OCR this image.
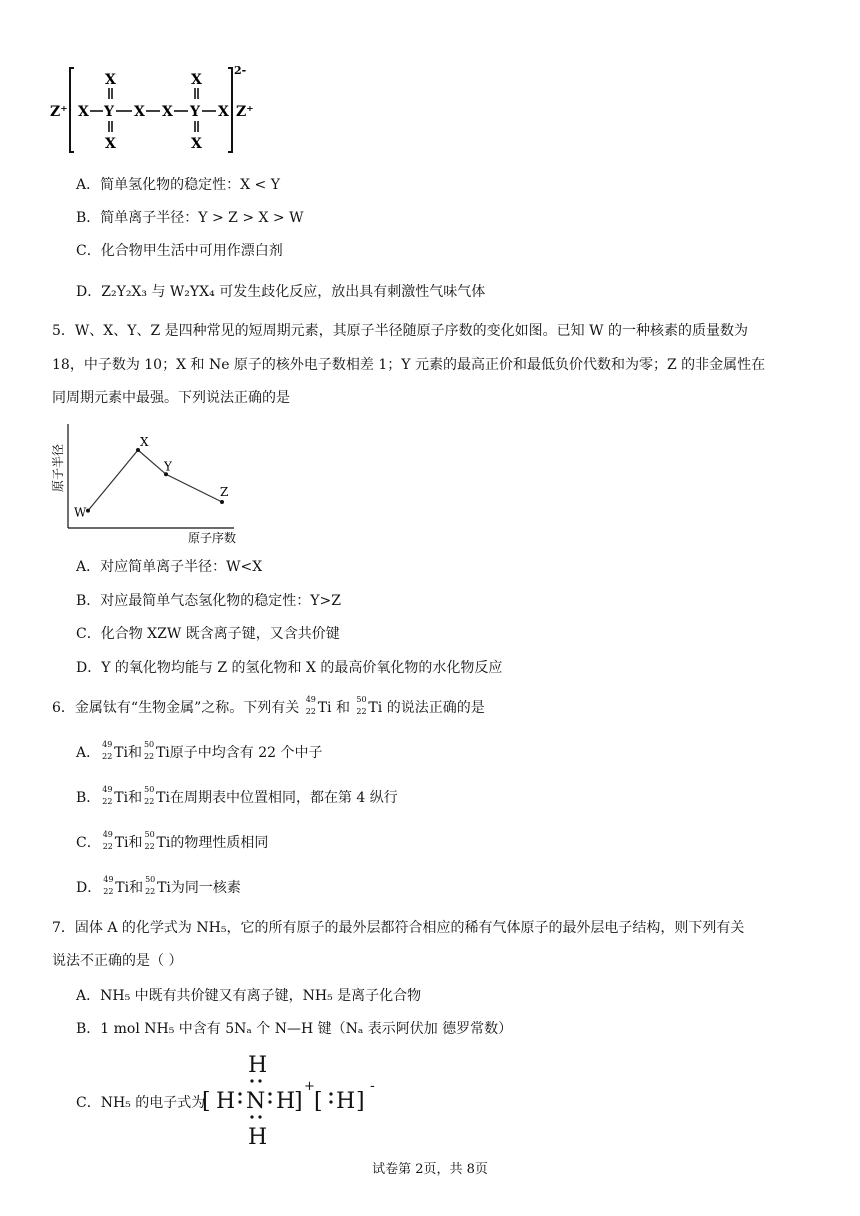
Z⁺
2-
Z⁺
X Y X X Y X
X	X
X	X
A．简单氢化物的稳定性：X < Y
B．简单离子半径：Y > Z > X > W
C．化合物甲生活中可用作漂白剂
D．Z₂Y₂X₃ 与 W₂YX₄ 可发生歧化反应，放出具有刺激性气味气体
5．W、X、Y、Z 是四种常见的短周期元素，其原子半径随原子序数的变化如图。已知 W 的一种核素的质量数为
18，中子数为 10；X 和 Ne 原子的核外电子数相差 1；Y 元素的最高正价和最低负价代数和为零；Z 的非金属性在
同周期元素中最强。下列说法正确的是
原子半径
原子序数
W
X
Y
Z
A．对应简单离子半径：W<X
B．对应最简单气态氢化物的稳定性：Y>Z
C．化合物 XZW 既含离子键，又含共价键
D．Y 的氧化物均能与 Z 的氢化物和 X 的最高价氧化物的水化物反应
6．金属钛有“生物金属”之称。下列有关
49
22 Ti 和
50
22 Ti 的说法正确的是
A．
49
22 Ti和
50
22 Ti原子中均含有 22 个中子
B．
49
22 Ti和
50
22 Ti在周期表中位置相同，都在第 4 纵行
C．
49
22 Ti和
50
22 Ti的物理性质相同
D．
49
22 Ti和
50
22 Ti为同一核素
7．固体 A 的化学式为 NH₅，它的所有原子的最外层都符合相应的稀有气体原子的最外层电子结构，则下列有关
说法不正确的是（ ）
A．NH₅ 中既有共价键又有离子键，NH₅ 是离子化合物
B．1 mol NH₅ 中含有 5Nₐ 个 N—H 键（Nₐ 表示阿伏加 德罗常数）
C．NH₅ 的电子式为
[ H N H
H
H
]
+
[ H ]
-
试卷第 2页，共 8页
